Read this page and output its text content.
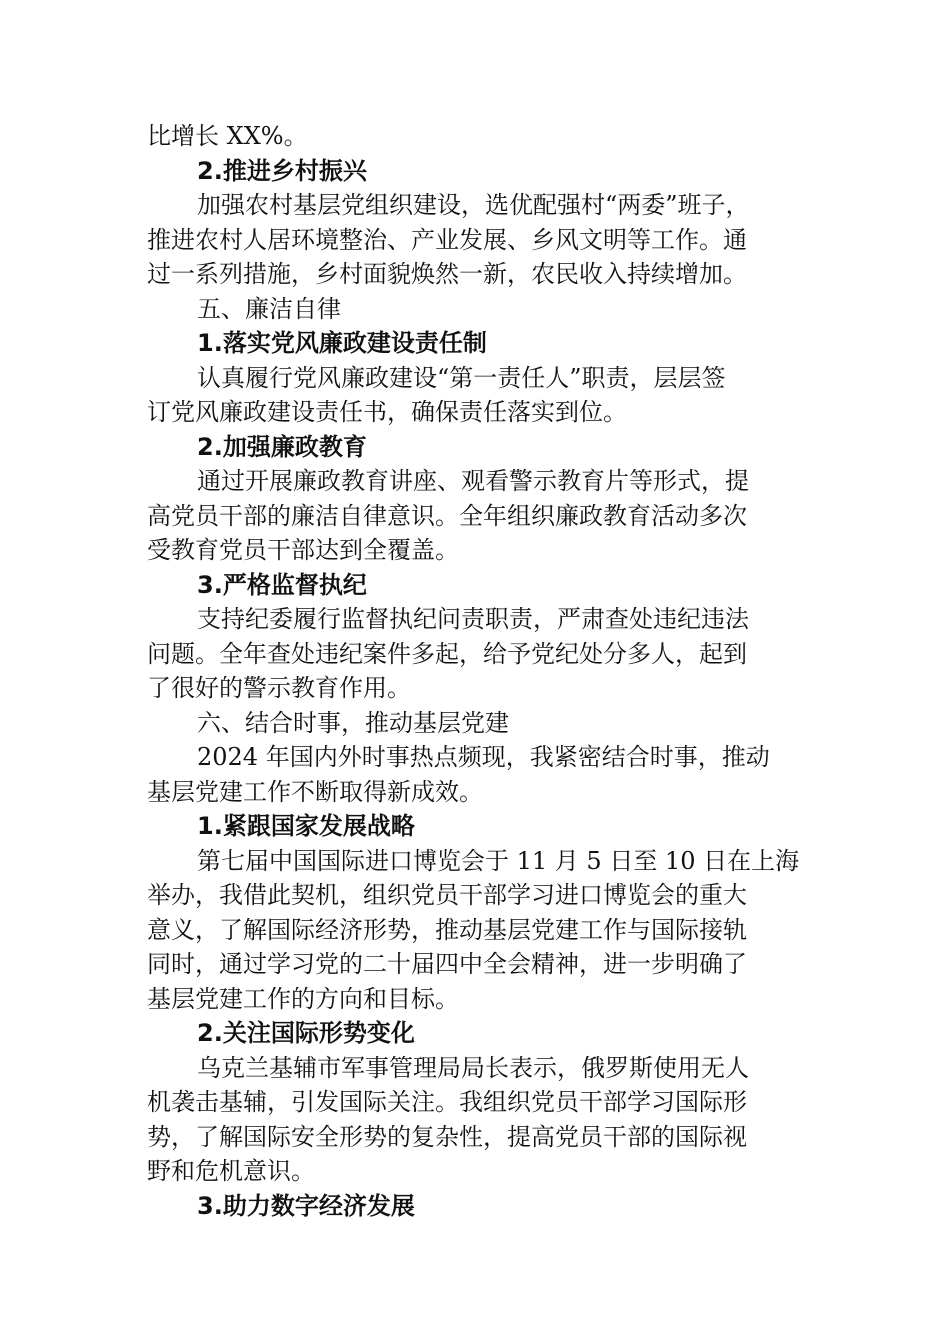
比增长 XX%。
2.推进乡村振兴
加强农村基层党组织建设，选优配强村“两委”班子，
推进农村人居环境整治、产业发展、乡风文明等工作。通
过一系列措施，乡村面貌焕然一新，农民收入持续增加。
五、廉洁自律
1.落实党风廉政建设责任制
认真履行党风廉政建设“第一责任人”职责，层层签
订党风廉政建设责任书，确保责任落实到位。
2.加强廉政教育
通过开展廉政教育讲座、观看警示教育片等形式，提
高党员干部的廉洁自律意识。全年组织廉政教育活动多次
受教育党员干部达到全覆盖。
3.严格监督执纪
支持纪委履行监督执纪问责职责，严肃查处违纪违法
问题。全年查处违纪案件多起，给予党纪处分多人，起到
了很好的警示教育作用。
六、结合时事，推动基层党建
2024 年国内外时事热点频现，我紧密结合时事，推动
基层党建工作不断取得新成效。
1.紧跟国家发展战略
第七届中国国际进口博览会于 11 月 5 日至 10 日在上海
举办，我借此契机，组织党员干部学习进口博览会的重大
意义，了解国际经济形势，推动基层党建工作与国际接轨
同时，通过学习党的二十届四中全会精神，进一步明确了
基层党建工作的方向和目标。
2.关注国际形势变化
乌克兰基辅市军事管理局局长表示，俄罗斯使用无人
机袭击基辅，引发国际关注。我组织党员干部学习国际形
势，了解国际安全形势的复杂性，提高党员干部的国际视
野和危机意识。
3.助力数字经济发展
